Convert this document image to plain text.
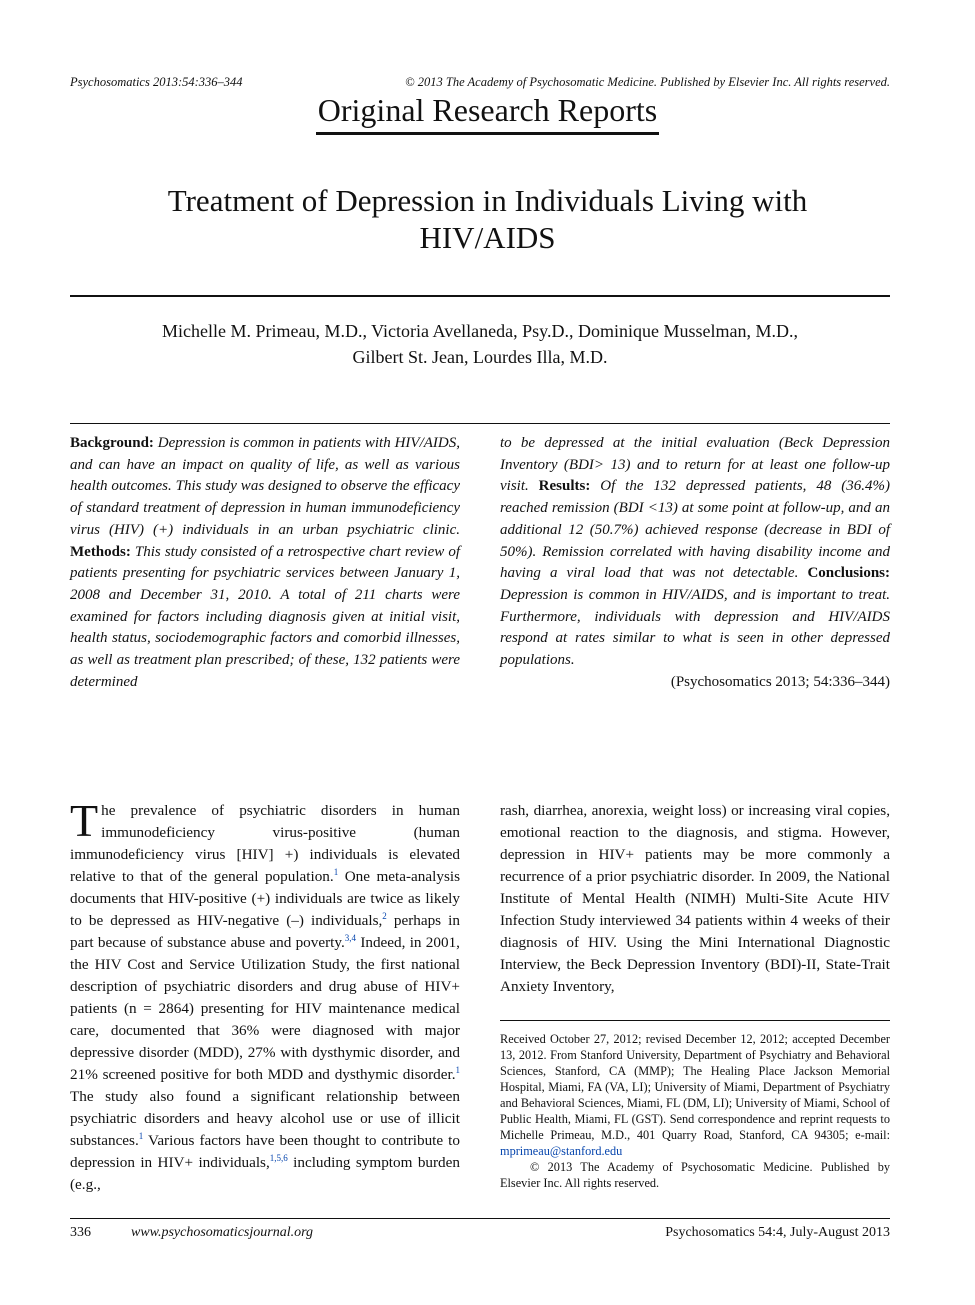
Psychosomatics 2013:54:336–344	© 2013 The Academy of Psychosomatic Medicine. Published by Elsevier Inc. All rights reserved.
Original Research Reports
Treatment of Depression in Individuals Living with
HIV/AIDS
Michelle M. Primeau, M.D., Victoria Avellaneda, Psy.D., Dominique Musselman, M.D.,
Gilbert St. Jean, Lourdes Illa, M.D.
Background: Depression is common in patients with HIV/AIDS, and can have an impact on quality of life, as well as various health outcomes. This study was designed to observe the efficacy of standard treatment of depression in human immunodeficiency virus (HIV) (+) individuals in an urban psychiatric clinic. Methods: This study consisted of a retrospective chart review of patients presenting for psychiatric services between January 1, 2008 and December 31, 2010. A total of 211 charts were examined for factors including diagnosis given at initial visit, health status, sociodemographic factors and comorbid illnesses, as well as treatment plan prescribed; of these, 132 patients were determined
to be depressed at the initial evaluation (Beck Depression Inventory (BDI> 13) and to return for at least one follow-up visit. Results: Of the 132 depressed patients, 48 (36.4%) reached remission (BDI <13) at some point at follow-up, and an additional 12 (50.7%) achieved response (decrease in BDI of 50%). Remission correlated with having disability income and having a viral load that was not detectable. Conclusions: Depression is common in HIV/AIDS, and is important to treat. Furthermore, individuals with depression and HIV/AIDS respond at rates similar to what is seen in other depressed populations.
(Psychosomatics 2013; 54:336–344)
The prevalence of psychiatric disorders in human immunodeficiency virus-positive (human immunodeficiency virus [HIV] +) individuals is elevated relative to that of the general population.$^1$ One meta-analysis documents that HIV-positive (+) individuals are twice as likely to be depressed as HIV-negative (–) individuals,$^2$ perhaps in part because of substance abuse and poverty.$^{3,4}$ Indeed, in 2001, the HIV Cost and Service Utilization Study, the first national description of psychiatric disorders and drug abuse of HIV+ patients (n = 2864) presenting for HIV maintenance medical care, documented that 36% were diagnosed with major depressive disorder (MDD), 27% with dysthymic disorder, and 21% screened positive for both MDD and dysthymic disorder.$^1$ The study also found a significant relationship between psychiatric disorders and heavy alcohol use or use of illicit substances.$^1$ Various factors have been thought to contribute to depression in HIV+ individuals,$^{1,5,6}$ including symptom burden (e.g.,
rash, diarrhea, anorexia, weight loss) or increasing viral copies, emotional reaction to the diagnosis, and stigma. However, depression in HIV+ patients may be more commonly a recurrence of a prior psychiatric disorder. In 2009, the National Institute of Mental Health (NIMH) Multi-Site Acute HIV Infection Study interviewed 34 patients within 4 weeks of their diagnosis of HIV. Using the Mini International Diagnostic Interview, the Beck Depression Inventory (BDI)-II, State-Trait Anxiety Inventory,
Received October 27, 2012; revised December 12, 2012; accepted December 13, 2012. From Stanford University, Department of Psychiatry and Behavioral Sciences, Stanford, CA (MMP); The Healing Place Jackson Memorial Hospital, Miami, FA (VA, LI); University of Miami, Department of Psychiatry and Behavioral Sciences, Miami, FL (DM, LI); University of Miami, School of Public Health, Miami, FL (GST). Send correspondence and reprint requests to Michelle Primeau, M.D., 401 Quarry Road, Stanford, CA 94305; e-mail: mprimeau@stanford.edu
© 2013 The Academy of Psychosomatic Medicine. Published by Elsevier Inc. All rights reserved.
336	www.psychosomaticsjournal.org	Psychosomatics 54:4, July-August 2013
